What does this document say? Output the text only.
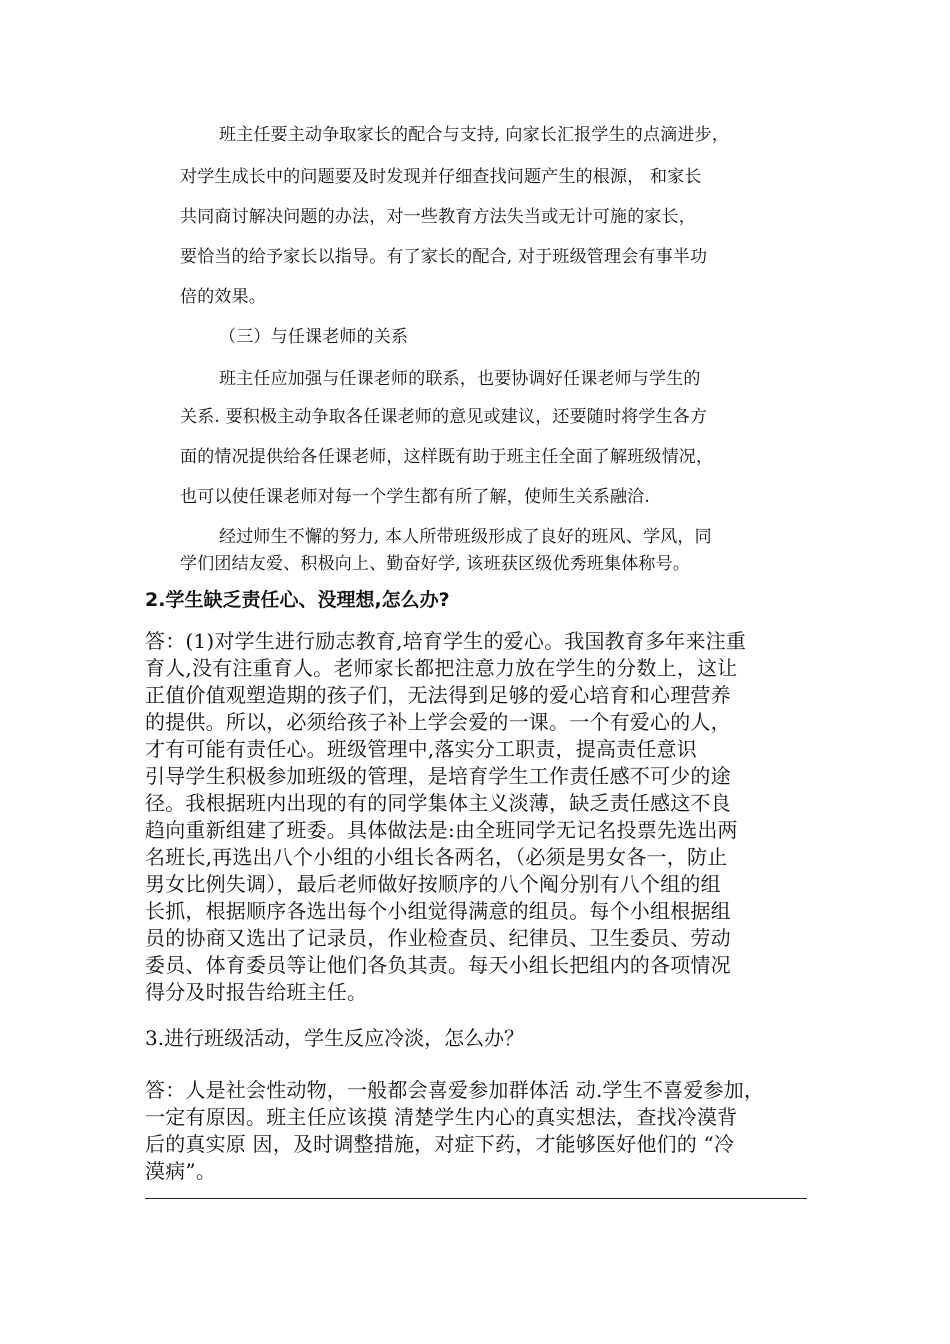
班主任要主动争取家长的配合与支持, 向家长汇报学生的点滴进步，
对学生成长中的问题要及时发现并仔细查找问题产生的根源， 和家长
共同商讨解决问题的办法，对一些教育方法失当或无计可施的家长，
要恰当的给予家长以指导。有了家长的配合, 对于班级管理会有事半功
倍的效果。
（三）与任课老师的关系
班主任应加强与任课老师的联系，也要协调好任课老师与学生的
关系. 要积极主动争取各任课老师的意见或建议，还要随时将学生各方
面的情况提供给各任课老师，这样既有助于班主任全面了解班级情况，
也可以使任课老师对每一个学生都有所了解，使师生关系融洽.
经过师生不懈的努力, 本人所带班级形成了良好的班风、学风，同
学们团结友爱、积极向上、勤奋好学, 该班获区级优秀班集体称号。
2.学生缺乏责任心、没理想,怎么办?
答：(1)对学生进行励志教育,培育学生的爱心。我国教育多年来注重
育人,没有注重育人。老师家长都把注意力放在学生的分数上，这让
正值价值观塑造期的孩子们，无法得到足够的爱心培育和心理营养
的提供。所以，必须给孩子补上学会爱的一课。一个有爱心的人，
才有可能有责任心。班级管理中,落实分工职责，提高责任意识
引导学生积极参加班级的管理，是培育学生工作责任感不可少的途
径。我根据班内出现的有的同学集体主义淡薄，缺乏责任感这不良
趋向重新组建了班委。具体做法是:由全班同学无记名投票先选出两
名班长,再选出八个小组的小组长各两名，（必须是男女各一，防止
男女比例失调），最后老师做好按顺序的八个阄分别有八个组的组
长抓，根据顺序各选出每个小组觉得满意的组员。每个小组根据组
员的协商又选出了记录员，作业检查员、纪律员、卫生委员、劳动
委员、体育委员等让他们各负其责。每天小组长把组内的各项情况
得分及时报告给班主任。
3.进行班级活动，学生反应冷淡，怎么办？
答：人是社会性动物，一般都会喜爱参加群体活 动.学生不喜爱参加，
一定有原因。班主任应该摸 清楚学生内心的真实想法，查找冷漠背
后的真实原 因，及时调整措施，对症下药，才能够医好他们的 “冷
漠病”。
